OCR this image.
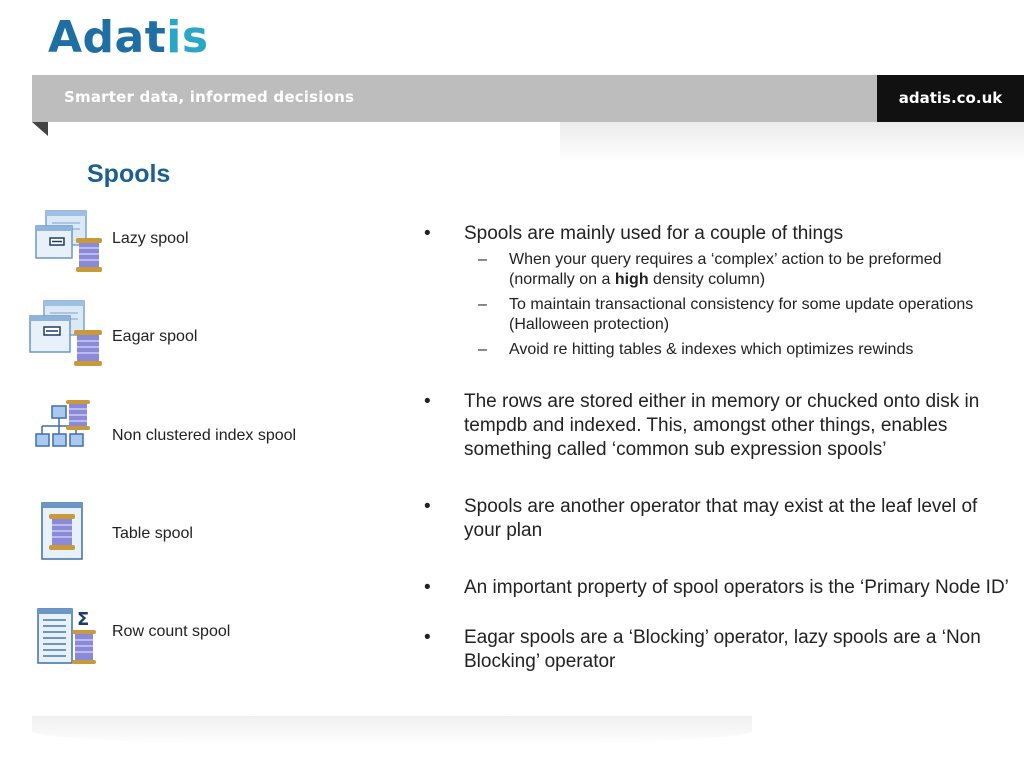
Adatis
Smarter data, informed decisions	adatis.co.uk
Spools
Lazy spool
Eagar spool
Non clustered index spool
Table spool
Σ
Row count spool
• Spools are mainly used for a couple of things
– When your query requires a ‘complex’ action to be preformed (normally on a high density column)
– To maintain transactional consistency for some update operations (Halloween protection)
– Avoid re hitting tables & indexes which optimizes rewinds
• The rows are stored either in memory or chucked onto disk in tempdb and indexed. This, amongst other things, enables something called ‘common sub expression spools’
• Spools are another operator that may exist at the leaf level of your plan
• An important property of spool operators is the ‘Primary Node ID’
• Eagar spools are a ‘Blocking’ operator, lazy spools are a ‘Non Blocking’ operator
